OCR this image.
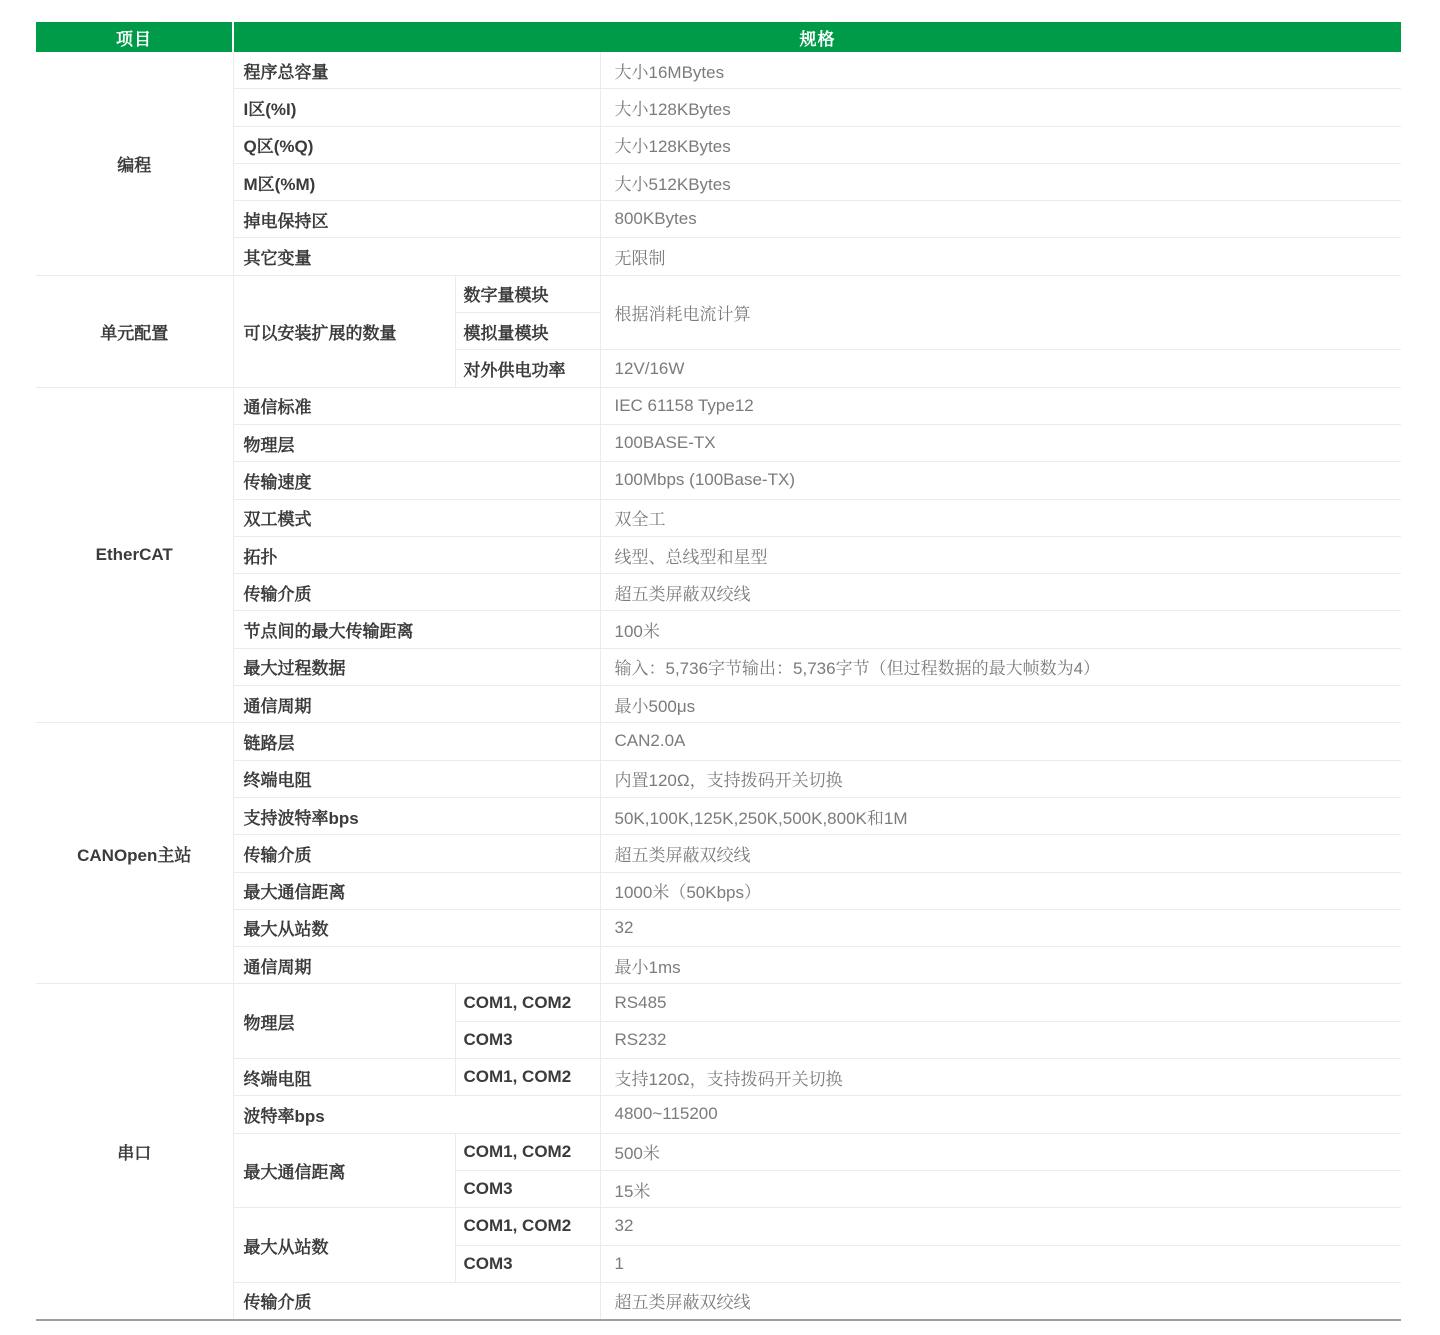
项目	规格		
编程	程序总容量		大小16MBytes
	I区(%I)		大小128KBytes
	Q区(%Q)		大小128KBytes
	M区(%M)		大小512KBytes
	掉电保持区		800KBytes
	其它变量		无限制
单元配置	可以安装扩展的数量	数字量模块	根据消耗电流计算
		模拟量模块	
		对外供电功率	12V/16W
EtherCAT	通信标准		IEC 61158 Type12
	物理层		100BASE-TX
	传输速度		100Mbps (100Base-TX)
	双工模式		双全工
	拓扑		线型、总线型和星型
	传输介质		超五类屏蔽双绞线
	节点间的最大传输距离		100米
	最大过程数据		输入：5,736字节输出：5,736字节（但过程数据的最大帧数为4）
	通信周期		最小500μs
CANOpen主站	链路层		CAN2.0A
	终端电阻		内置120Ω，支持拨码开关切换
	支持波特率bps		50K,100K,125K,250K,500K,800K和1M
	传输介质		超五类屏蔽双绞线
	最大通信距离		1000米（50Kbps）
	最大从站数		32
	通信周期		最小1ms
串口	物理层	COM1, COM2	RS485
		COM3	RS232
	终端电阻	COM1, COM2	支持120Ω，支持拨码开关切换
	波特率bps		4800~115200
	最大通信距离	COM1, COM2	500米
		COM3	15米
	最大从站数	COM1, COM2	32
		COM3	1
	传输介质		超五类屏蔽双绞线
